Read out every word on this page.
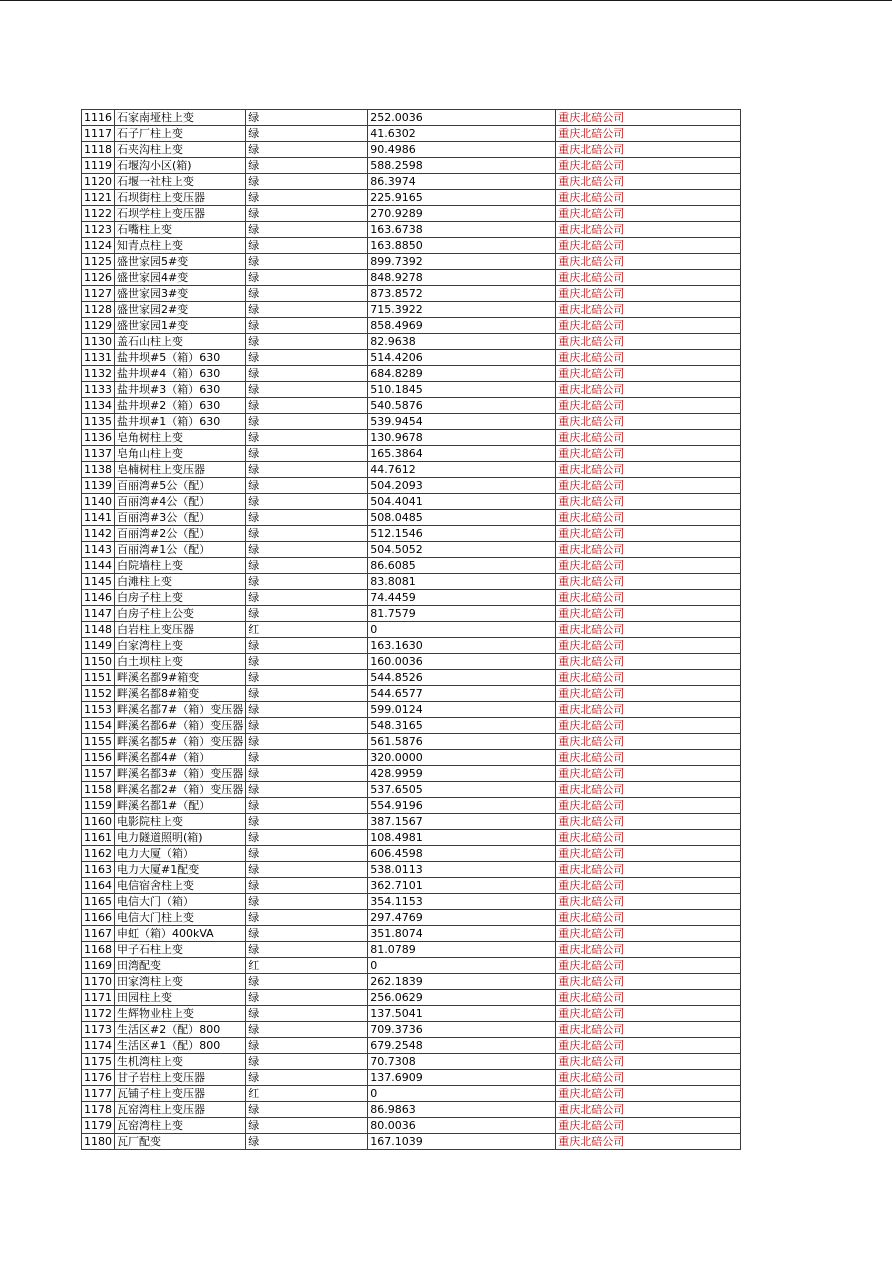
1116	石家南垭柱上变	绿	252.0036	重庆北碚公司
1117	石子厂柱上变	绿	41.6302	重庆北碚公司
1118	石夹沟柱上变	绿	90.4986	重庆北碚公司
1119	石堰沟小区(箱)	绿	588.2598	重庆北碚公司
1120	石堰一社柱上变	绿	86.3974	重庆北碚公司
1121	石坝街柱上变压器	绿	225.9165	重庆北碚公司
1122	石坝学柱上变压器	绿	270.9289	重庆北碚公司
1123	石嘴柱上变	绿	163.6738	重庆北碚公司
1124	知青点柱上变	绿	163.8850	重庆北碚公司
1125	盛世家园5#变	绿	899.7392	重庆北碚公司
1126	盛世家园4#变	绿	848.9278	重庆北碚公司
1127	盛世家园3#变	绿	873.8572	重庆北碚公司
1128	盛世家园2#变	绿	715.3922	重庆北碚公司
1129	盛世家园1#变	绿	858.4969	重庆北碚公司
1130	盖石山柱上变	绿	82.9638	重庆北碚公司
1131	盐井坝#5（箱）630	绿	514.4206	重庆北碚公司
1132	盐井坝#4（箱）630	绿	684.8289	重庆北碚公司
1133	盐井坝#3（箱）630	绿	510.1845	重庆北碚公司
1134	盐井坝#2（箱）630	绿	540.5876	重庆北碚公司
1135	盐井坝#1（箱）630	绿	539.9454	重庆北碚公司
1136	皂角树柱上变	绿	130.9678	重庆北碚公司
1137	皂角山柱上变	绿	165.3864	重庆北碚公司
1138	皂楠树柱上变压器	绿	44.7612	重庆北碚公司
1139	百丽湾#5公（配）	绿	504.2093	重庆北碚公司
1140	百丽湾#4公（配）	绿	504.4041	重庆北碚公司
1141	百丽湾#3公（配）	绿	508.0485	重庆北碚公司
1142	百丽湾#2公（配）	绿	512.1546	重庆北碚公司
1143	百丽湾#1公（配）	绿	504.5052	重庆北碚公司
1144	白院墙柱上变	绿	86.6085	重庆北碚公司
1145	白滩柱上变	绿	83.8081	重庆北碚公司
1146	白房子柱上变	绿	74.4459	重庆北碚公司
1147	白房子柱上公变	绿	81.7579	重庆北碚公司
1148	白岩柱上变压器	红	0	重庆北碚公司
1149	白家湾柱上变	绿	163.1630	重庆北碚公司
1150	白土坝柱上变	绿	160.0036	重庆北碚公司
1151	畔溪名都9#箱变	绿	544.8526	重庆北碚公司
1152	畔溪名都8#箱变	绿	544.6577	重庆北碚公司
1153	畔溪名都7#（箱）变压器	绿	599.0124	重庆北碚公司
1154	畔溪名都6#（箱）变压器	绿	548.3165	重庆北碚公司
1155	畔溪名都5#（箱）变压器	绿	561.5876	重庆北碚公司
1156	畔溪名都4#（箱）	绿	320.0000	重庆北碚公司
1157	畔溪名都3#（箱）变压器	绿	428.9959	重庆北碚公司
1158	畔溪名都2#（箱）变压器	绿	537.6505	重庆北碚公司
1159	畔溪名都1#（配）	绿	554.9196	重庆北碚公司
1160	电影院柱上变	绿	387.1567	重庆北碚公司
1161	电力隧道照明(箱)	绿	108.4981	重庆北碚公司
1162	电力大厦（箱）	绿	606.4598	重庆北碚公司
1163	电力大厦#1配变	绿	538.0113	重庆北碚公司
1164	电信宿舍柱上变	绿	362.7101	重庆北碚公司
1165	电信大门（箱）	绿	354.1153	重庆北碚公司
1166	电信大门柱上变	绿	297.4769	重庆北碚公司
1167	申虹（箱）400kVA	绿	351.8074	重庆北碚公司
1168	甲子石柱上变	绿	81.0789	重庆北碚公司
1169	田湾配变	红	0	重庆北碚公司
1170	田家湾柱上变	绿	262.1839	重庆北碚公司
1171	田园柱上变	绿	256.0629	重庆北碚公司
1172	生辉物业柱上变	绿	137.5041	重庆北碚公司
1173	生活区#2（配）800	绿	709.3736	重庆北碚公司
1174	生活区#1（配）800	绿	679.2548	重庆北碚公司
1175	生机湾柱上变	绿	70.7308	重庆北碚公司
1176	甘子岩柱上变压器	绿	137.6909	重庆北碚公司
1177	瓦铺子柱上变压器	红	0	重庆北碚公司
1178	瓦窑湾柱上变压器	绿	86.9863	重庆北碚公司
1179	瓦窑湾柱上变	绿	80.0036	重庆北碚公司
1180	瓦厂配变	绿	167.1039	重庆北碚公司
